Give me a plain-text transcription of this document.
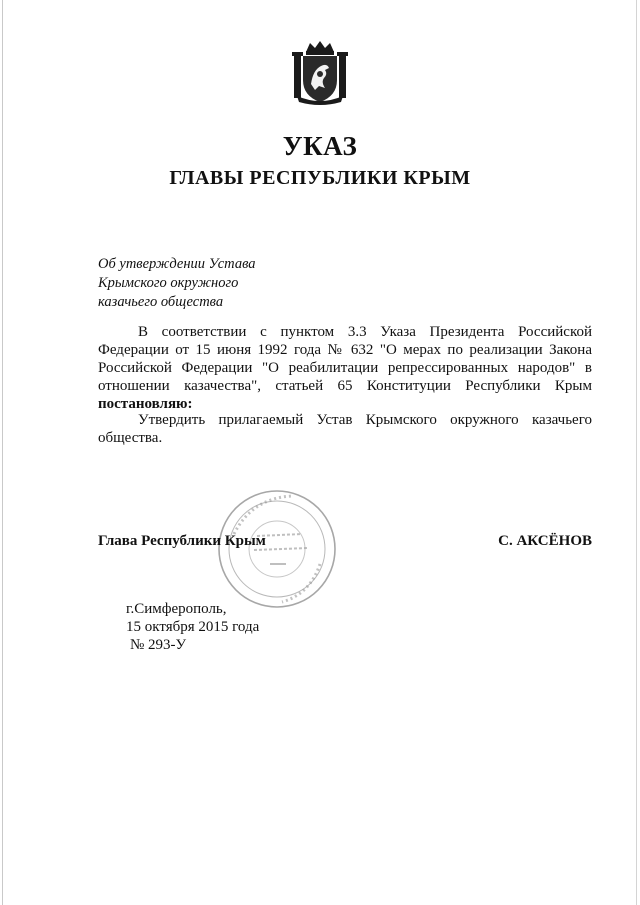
УКАЗ
ГЛАВЫ РЕСПУБЛИКИ КРЫМ
Об утверждении Устава
Крымского окружного
казачьего общества
В соответствии с пунктом 3.3 Указа Президента Российской Федерации от 15 июня 1992 года № 632 "О мерах по реализации Закона Российской Федерации "О реабилитации репрессированных народов" в отношении казачества", статьей 65 Конституции Республики Крым постановляю:
Утвердить прилагаемый Устав Крымского окружного казачьего общества.
Глава Республики Крым	С. АКСЁНОВ
г.Симферополь,
15 октября 2015 года
№ 293-У
